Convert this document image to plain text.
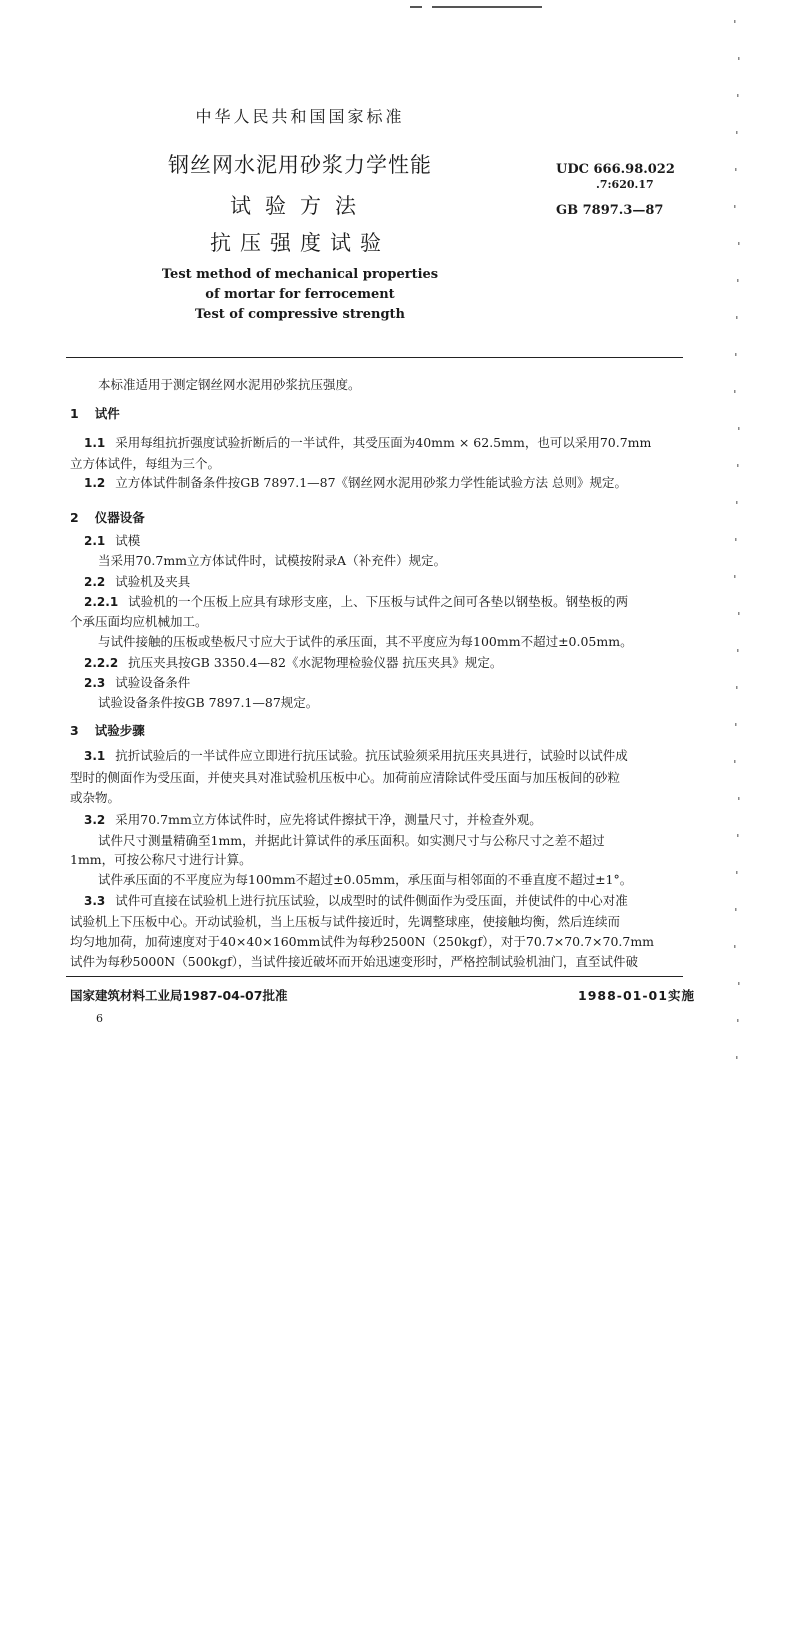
中华人民共和国国家标准
钢丝网水泥用砂浆力学性能
试验方法
抗压强度试验
Test method of mechanical properties
of mortar for ferrocement
Test of compressive strength
UDC 666.98.022
.7:620.17
GB 7897.3—87
本标准适用于测定钢丝网水泥用砂浆抗压强度。
1 试件
1.1 采用每组抗折强度试验折断后的一半试件，其受压面为40mm × 62.5mm，也可以采用70.7mm
立方体试件，每组为三个。
1.2 立方体试件制备条件按GB 7897.1—87《钢丝网水泥用砂浆力学性能试验方法 总则》规定。
2 仪器设备
2.1 试模
当采用70.7mm立方体试件时，试模按附录A（补充件）规定。
2.2 试验机及夹具
2.2.1 试验机的一个压板上应具有球形支座，上、下压板与试件之间可各垫以钢垫板。钢垫板的两
个承压面均应机械加工。
与试件接触的压板或垫板尺寸应大于试件的承压面，其不平度应为每100mm不超过±0.05mm。
2.2.2 抗压夹具按GB 3350.4—82《水泥物理检验仪器 抗压夹具》规定。
2.3 试验设备条件
试验设备条件按GB 7897.1—87规定。
3 试验步骤
3.1 抗折试验后的一半试件应立即进行抗压试验。抗压试验须采用抗压夹具进行，试验时以试件成
型时的侧面作为受压面，并使夹具对准试验机压板中心。加荷前应清除试件受压面与加压板间的砂粒
或杂物。
3.2 采用70.7mm立方体试件时，应先将试件擦拭干净，测量尺寸，并检查外观。
试件尺寸测量精确至1mm，并据此计算试件的承压面积。如实测尺寸与公称尺寸之差不超过
1mm，可按公称尺寸进行计算。
试件承压面的不平度应为每100mm不超过±0.05mm，承压面与相邻面的不垂直度不超过±1°。
3.3 试件可直接在试验机上进行抗压试验，以成型时的试件侧面作为受压面，并使试件的中心对准
试验机上下压板中心。开动试验机，当上压板与试件接近时，先调整球座，使接触均衡，然后连续而
均匀地加荷，加荷速度对于40×40×160mm试件为每秒2500N（250kgf），对于70.7×70.7×70.7mm
试件为每秒5000N（500kgf），当试件接近破坏而开始迅速变形时，严格控制试验机油门，直至试件破
国家建筑材料工业局1987-04-07批准	1988-01-01实施
6
